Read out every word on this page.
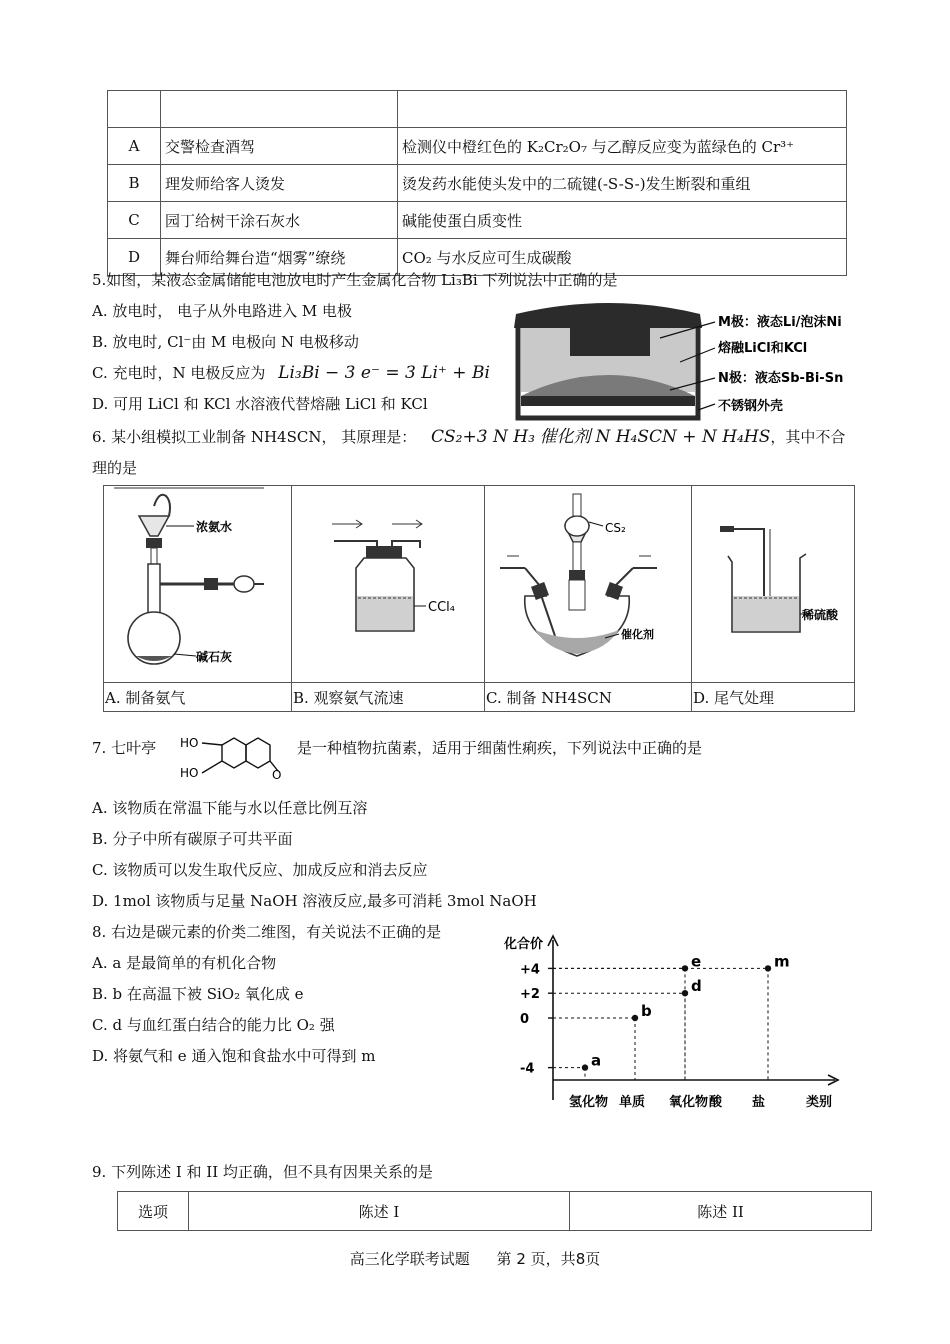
A	交警检查酒驾	检测仪中橙红色的 K₂Cr₂O₇ 与乙醇反应变为蓝绿色的 Cr³⁺
B	理发师给客人烫发	烫发药水能使头发中的二硫键(-S-S-)发生断裂和重组
C	园丁给树干涂石灰水	碱能使蛋白质变性
D	舞台师给舞台造“烟雾”缭绕	CO₂ 与水反应可生成碳酸
5.如图，某液态金属储能电池放电时产生金属化合物 Li₃Bi 下列说法中正确的是
A. 放电时， 电子从外电路进入 M 电极
B. 放电时, Cl⁻由 M 电极向 N 电极移动
C. 充电时，N 电极反应为 Li₃Bi − 3 e⁻ = 3 Li⁺ + Bi
D. 可用 LiCl 和 KCl 水溶液代替熔融 LiCl 和 KCl
M极：液态Li/泡沫Ni
熔融LiCl和KCl
N极：液态Sb-Bi-Sn
不锈钢外壳
6. 某小组模拟工业制备 NH4SCN， 其原理是： CS₂+3 N H₃ 催化剂 N H₄SCN + N H₄HS，其中不合
理的是
浓氨水
碱石灰	CCl₄	CS₂
催化剂	稀硫酸

A. 制备氨气	B. 观察氨气流速	C. 制备 NH4SCN	D. 尾气处理
7. 七叶亭 HO
HO	O
是一种植物抗菌素，适用于细菌性痢疾，下列说法中正确的是
A. 该物质在常温下能与水以任意比例互溶
B. 分子中所有碳原子可共平面
C. 该物质可以发生取代反应、加成反应和消去反应
D. 1mol 该物质与足量 NaOH 溶液反应,最多可消耗 3mol NaOH
8. 右边是碳元素的价类二维图，有关说法不正确的是
A. a 是最简单的有机化合物
B. b 在高温下被 SiO₂ 氧化成 e
C. d 与血红蛋白结合的能力比 O₂ 强
D. 将氨气和 e 通入饱和食盐水中可得到 m
化合价
类别
氢化物 单质 氧化物 酸 盐
+4
+2
0
-4	a
b
d
e	m
9. 下列陈述 I 和 II 均正确，但不具有因果关系的是
选项	陈述 I	陈述 II
高三化学联考试题 第 2 页，共8页
